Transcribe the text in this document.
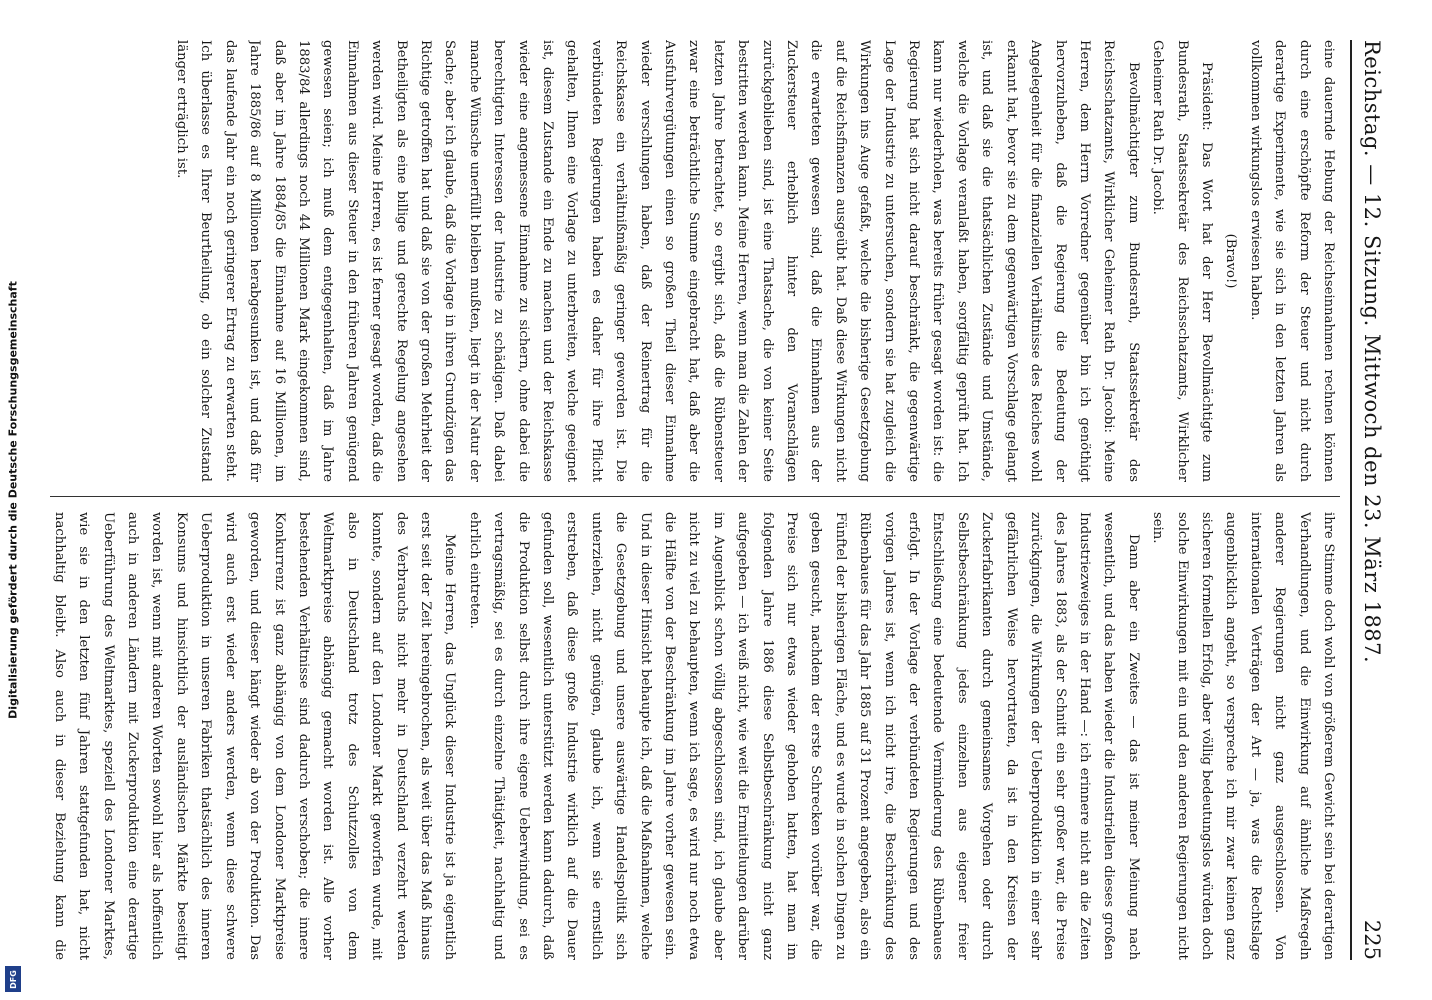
Digitalisierung gefördert durch die Deutsche Forschungsgemeinschaft
DFG
Reichstag. — 12. Sitzung. Mittwoch den 23. März 1887.
225

eine dauernde Hebung der Reichseinnahmen rechnen können durch eine erschöpfte Reform der Steuer und nicht durch derartige Experimente, wie sie sich in den letzten Jahren als vollkommen wirkungslos erwiesen haben.

(Bravo!)

Präsident: Das Wort hat der Herr Bevollmächtigte zum Bundesrath, Staatssekretär des Reichsschatzamts, Wirklicher Geheimer Rath Dr. Jacobi.

Bevollmächtigter zum Bundesrath, Staatssekretär des Reichsschatzamts, Wirklicher Geheimer Rath Dr. Jacobi: Meine Herren, dem Herrn Vorredner gegenüber bin ich genöthigt hervorzuheben, daß die Regierung die Bedeutung der Angelegenheit für die finanziellen Verhältnisse des Reiches wohl erkannt hat, bevor sie zu dem gegenwärtigen Vorschlage gelangt ist, und daß sie die thatsächlichen Zustände und Umstände, welche die Vorlage veranlaßt haben, sorgfältig geprüft hat. Ich kann nur wiederholen, was bereits früher gesagt worden ist: die Regierung hat sich nicht darauf beschränkt, die gegenwärtige Lage der Industrie zu untersuchen, sondern sie hat zugleich die Wirkungen ins Auge gefaßt, welche die bisherige Gesetzgebung auf die Reichsfinanzen ausgeübt hat. Daß diese Wirkungen nicht die erwarteten gewesen sind, daß die Einnahmen aus der Zuckersteuer erheblich hinter den Voranschlägen zurückgeblieben sind, ist eine Thatsache, die von keiner Seite bestritten werden kann. Meine Herren, wenn man die Zahlen der letzten Jahre betrachtet, so ergibt sich, daß die Rübensteuer zwar eine beträchtliche Summe eingebracht hat, daß aber die Ausfuhrvergütungen einen so großen Theil dieser Einnahme wieder verschlungen haben, daß der Reinertrag für die Reichskasse ein verhältnißmäßig geringer geworden ist. Die verbündeten Regierungen haben es daher für ihre Pflicht gehalten, Ihnen eine Vorlage zu unterbreiten, welche geeignet ist, diesem Zustande ein Ende zu machen und der Reichskasse wieder eine angemessene Einnahme zu sichern, ohne dabei die berechtigten Interessen der Industrie zu schädigen. Daß dabei manche Wünsche unerfüllt bleiben mußten, liegt in der Natur der Sache; aber ich glaube, daß die Vorlage in ihren Grundzügen das Richtige getroffen hat und daß sie von der großen Mehrheit der Betheiligten als eine billige und gerechte Regelung angesehen werden wird. Meine Herren, es ist ferner gesagt worden, daß die Einnahmen aus dieser Steuer in den früheren Jahren genügend gewesen seien; ich muß dem entgegenhalten, daß im Jahre 1883/84 allerdings noch 44 Millionen Mark eingekommen sind, daß aber im Jahre 1884/85 die Einnahme auf 16 Millionen, im Jahre 1885/86 auf 8 Millionen herabgesunken ist, und daß für das laufende Jahr ein noch geringerer Ertrag zu erwarten steht. Ich überlasse es Ihrer Beurtheilung, ob ein solcher Zustand länger erträglich ist.

ihre Stimme doch wohl von größerem Gewicht sein bei derartigen Verhandlungen, und die Einwirkung auf ähnliche Maßregeln anderer Regierungen nicht ganz ausgeschlossen. Von internationalen Verträgen der Art — ja, was die Rechtslage augenblicklich angeht, so verspreche ich mir zwar keinen ganz sicheren formellen Erfolg, aber völlig bedeutungslos würden doch solche Einwirkungen mit ein und den anderen Regierungen nicht sein.

Dann aber ein Zweites — das ist meiner Meinung nach wesentlich, und das haben wieder die Industriellen dieses großen Industriezweiges in der Hand —: ich erinnere nicht an die Zeiten des Jahres 1883, als der Schnitt ein sehr großer war, die Preise zurückgingen, die Wirkungen der Ueberproduktion in einer sehr gefährlichen Weise hervortraten, da ist in den Kreisen der Zuckerfabrikanten durch gemeinsames Vorgehen oder durch Selbstbeschränkung jedes einzelnen aus eigener freier Entschließung eine bedeutende Verminderung des Rübenbaues erfolgt. In der Vorlage der verbündeten Regierungen und des vorigen Jahres ist, wenn ich nicht irre, die Beschränkung des Rübenbaues für das Jahr 1885 auf 31 Prozent angegeben, also ein Fünftel der bisherigen Fläche, und es wurde in solchen Dingen zu geben gesucht, nachdem der erste Schrecken vorüber war, die Preise sich nur etwas wieder gehoben hatten, hat man im folgenden Jahre 1886 diese Selbstbeschränkung nicht ganz aufgegeben — ich weiß nicht, wie weit die Ermittelungen darüber im Augenblick schon völlig abgeschlossen sind, ich glaube aber nicht zu viel zu behaupten, wenn ich sage, es wird nur noch etwa die Hälfte von der Beschränkung im Jahre vorher gewesen sein. Und in dieser Hinsicht behaupte ich, daß die Maßnahmen, welche die Gesetzgebung und unsere auswärtige Handelspolitik sich unterziehen, nicht genügen, glaube ich, wenn sie ernstlich erstreben, daß diese große Industrie wirklich auf die Dauer gefunden soll, wesentlich unterstützt werden kann dadurch, daß die Produktion selbst durch ihre eigene Ueberwindung, sei es vertragsmäßig, sei es durch einzelne Thätigkeit, nachhaltig und ehrlich eintreten.

Meine Herren, das Unglück dieser Industrie ist ja eigentlich erst seit der Zeit hereingebrochen, als weit über das Maß hinaus des Verbrauchs nicht mehr in Deutschland verzehrt werden konnte, sondern auf den Londoner Markt geworfen wurde, mit also in Deutschland trotz des Schutzzolles von dem Weltmarktpreise abhängig gemacht worden ist. Alle vorher bestehenden Verhältnisse sind dadurch verschoben; die innere Konkurrenz ist ganz abhängig von dem Londoner Marktpreise geworden, und dieser hängt wieder ab von der Produktion. Das wird auch erst wieder anders werden, wenn diese schwere Ueberproduktion in unseren Fabriken thatsächlich des inneren Konsums und hinsichtlich der ausländischen Märkte beseitigt worden ist, wenn mit anderen Worten sowohl hier als hoffentlich auch in anderen Ländern mit Zuckerproduktion eine derartige Ueberführung des Weltmarktes, speziell des Londoner Marktes, wie sie in den letzten fünf Jahren stattgefunden hat, nicht nachhaltig bleibt. Also auch in dieser Beziehung kann die
